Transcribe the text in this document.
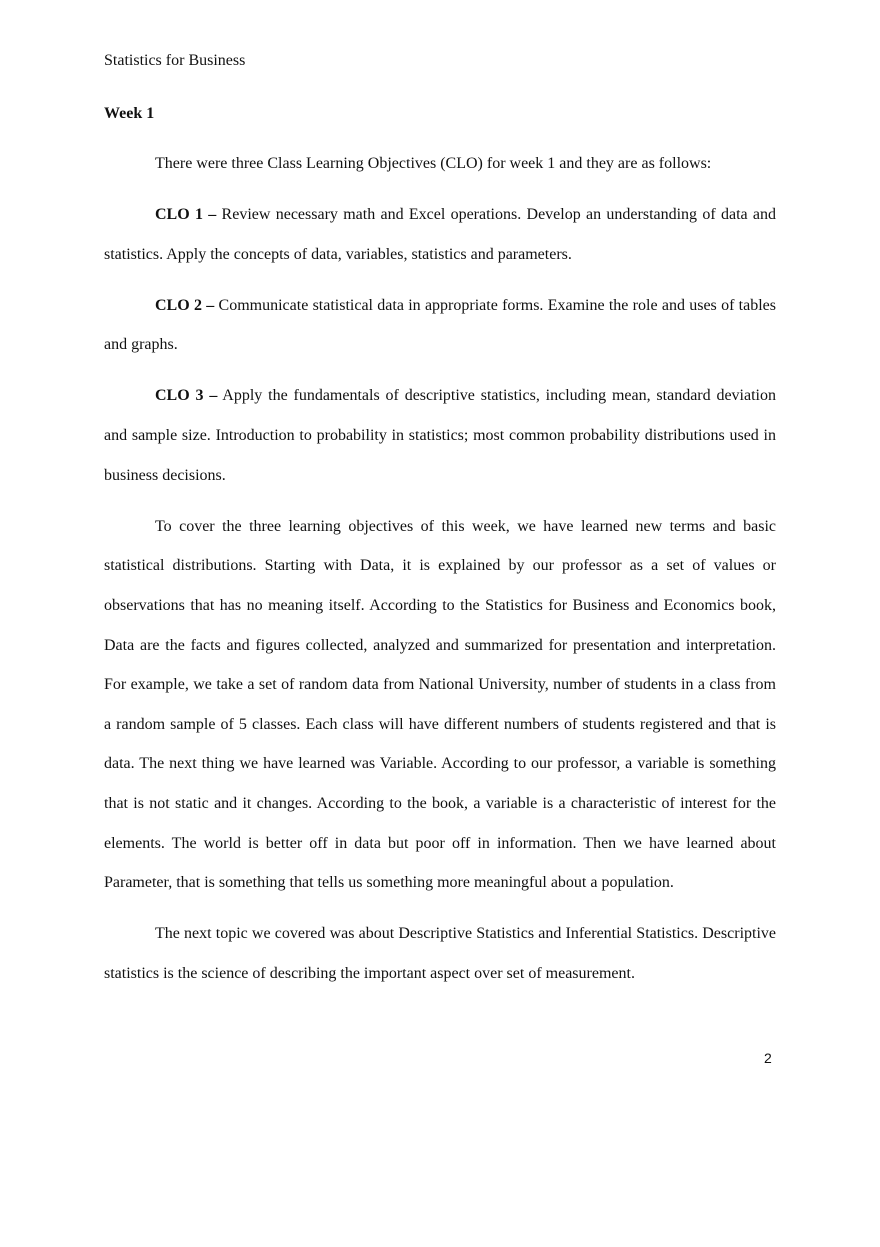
Statistics for Business

Week 1

There were three Class Learning Objectives (CLO) for week 1 and they are as follows:

CLO 1 – Review necessary math and Excel operations. Develop an understanding of data and statistics. Apply the concepts of data, variables, statistics and parameters.

CLO 2 – Communicate statistical data in appropriate forms. Examine the role and uses of tables and graphs.

CLO 3 – Apply the fundamentals of descriptive statistics, including mean, standard deviation and sample size. Introduction to probability in statistics; most common probability distributions used in business decisions.

To cover the three learning objectives of this week, we have learned new terms and basic statistical distributions. Starting with Data, it is explained by our professor as a set of values or observations that has no meaning itself. According to the Statistics for Business and Economics book, Data are the facts and figures collected, analyzed and summarized for presentation and interpretation. For example, we take a set of random data from National University, number of students in a class from a random sample of 5 classes. Each class will have different numbers of students registered and that is data. The next thing we have learned was Variable. According to our professor, a variable is something that is not static and it changes. According to the book, a variable is a characteristic of interest for the elements. The world is better off in data but poor off in information. Then we have learned about Parameter, that is something that tells us something more meaningful about a population.

The next topic we covered was about Descriptive Statistics and Inferential Statistics. Descriptive statistics is the science of describing the important aspect over set of measurement.

2
